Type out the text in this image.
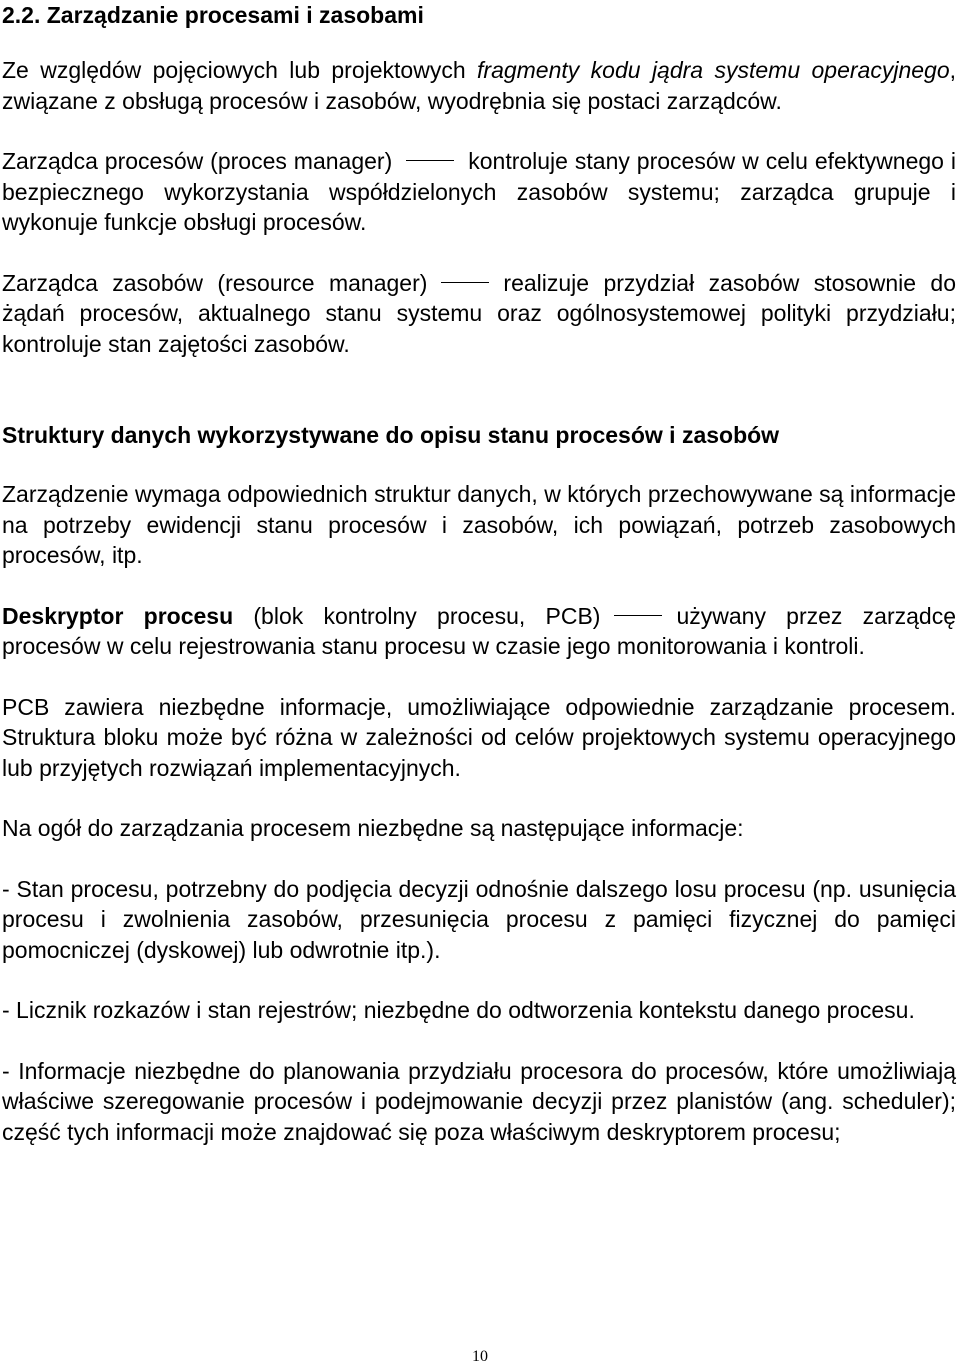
2.2. Zarządzanie procesami i zasobami

Ze względów pojęciowych lub projektowych fragmenty kodu jądra systemu operacyjnego, związane z obsługą procesów i zasobów, wyodrębnia się postaci zarządców.

Zarządca procesów (proces manager)	kontroluje stany procesów w celu efektywnego i bezpiecznego wykorzystania współdzielonych zasobów systemu; zarządca grupuje i wykonuje funkcje obsługi procesów.

Zarządca zasobów (resource manager)	realizuje przydział zasobów stosownie do żądań procesów, aktualnego stanu systemu oraz ogólnosystemowej polityki przydziału; kontroluje stan zajętości zasobów.

Struktury danych wykorzystywane do opisu stanu procesów i zasobów

Zarządzenie wymaga odpowiednich struktur danych, w których przechowywane są informacje na potrzeby ewidencji stanu procesów i zasobów, ich powiązań, potrzeb zasobowych procesów, itp.

Deskryptor procesu (blok kontrolny procesu, PCB)	używany przez zarządcę procesów w celu rejestrowania stanu procesu w czasie jego monitorowania i kontroli.

PCB zawiera niezbędne informacje, umożliwiające odpowiednie zarządzanie procesem. Struktura bloku może być różna w zależności od celów projektowych systemu operacyjnego lub przyjętych rozwiązań implementacyjnych.

Na ogół do zarządzania procesem niezbędne są następujące informacje:

- Stan procesu, potrzebny do podjęcia decyzji odnośnie dalszego losu procesu (np. usunięcia procesu i zwolnienia zasobów, przesunięcia procesu z pamięci fizycznej do pamięci pomocniczej (dyskowej) lub odwrotnie itp.).

- Licznik rozkazów i stan rejestrów; niezbędne do odtworzenia kontekstu danego procesu.

- Informacje niezbędne do planowania przydziału procesora do procesów, które umożliwiają właściwe szeregowanie procesów i podejmowanie decyzji przez planistów (ang. scheduler); część tych informacji może znajdować się poza właściwym deskryptorem procesu;

10
